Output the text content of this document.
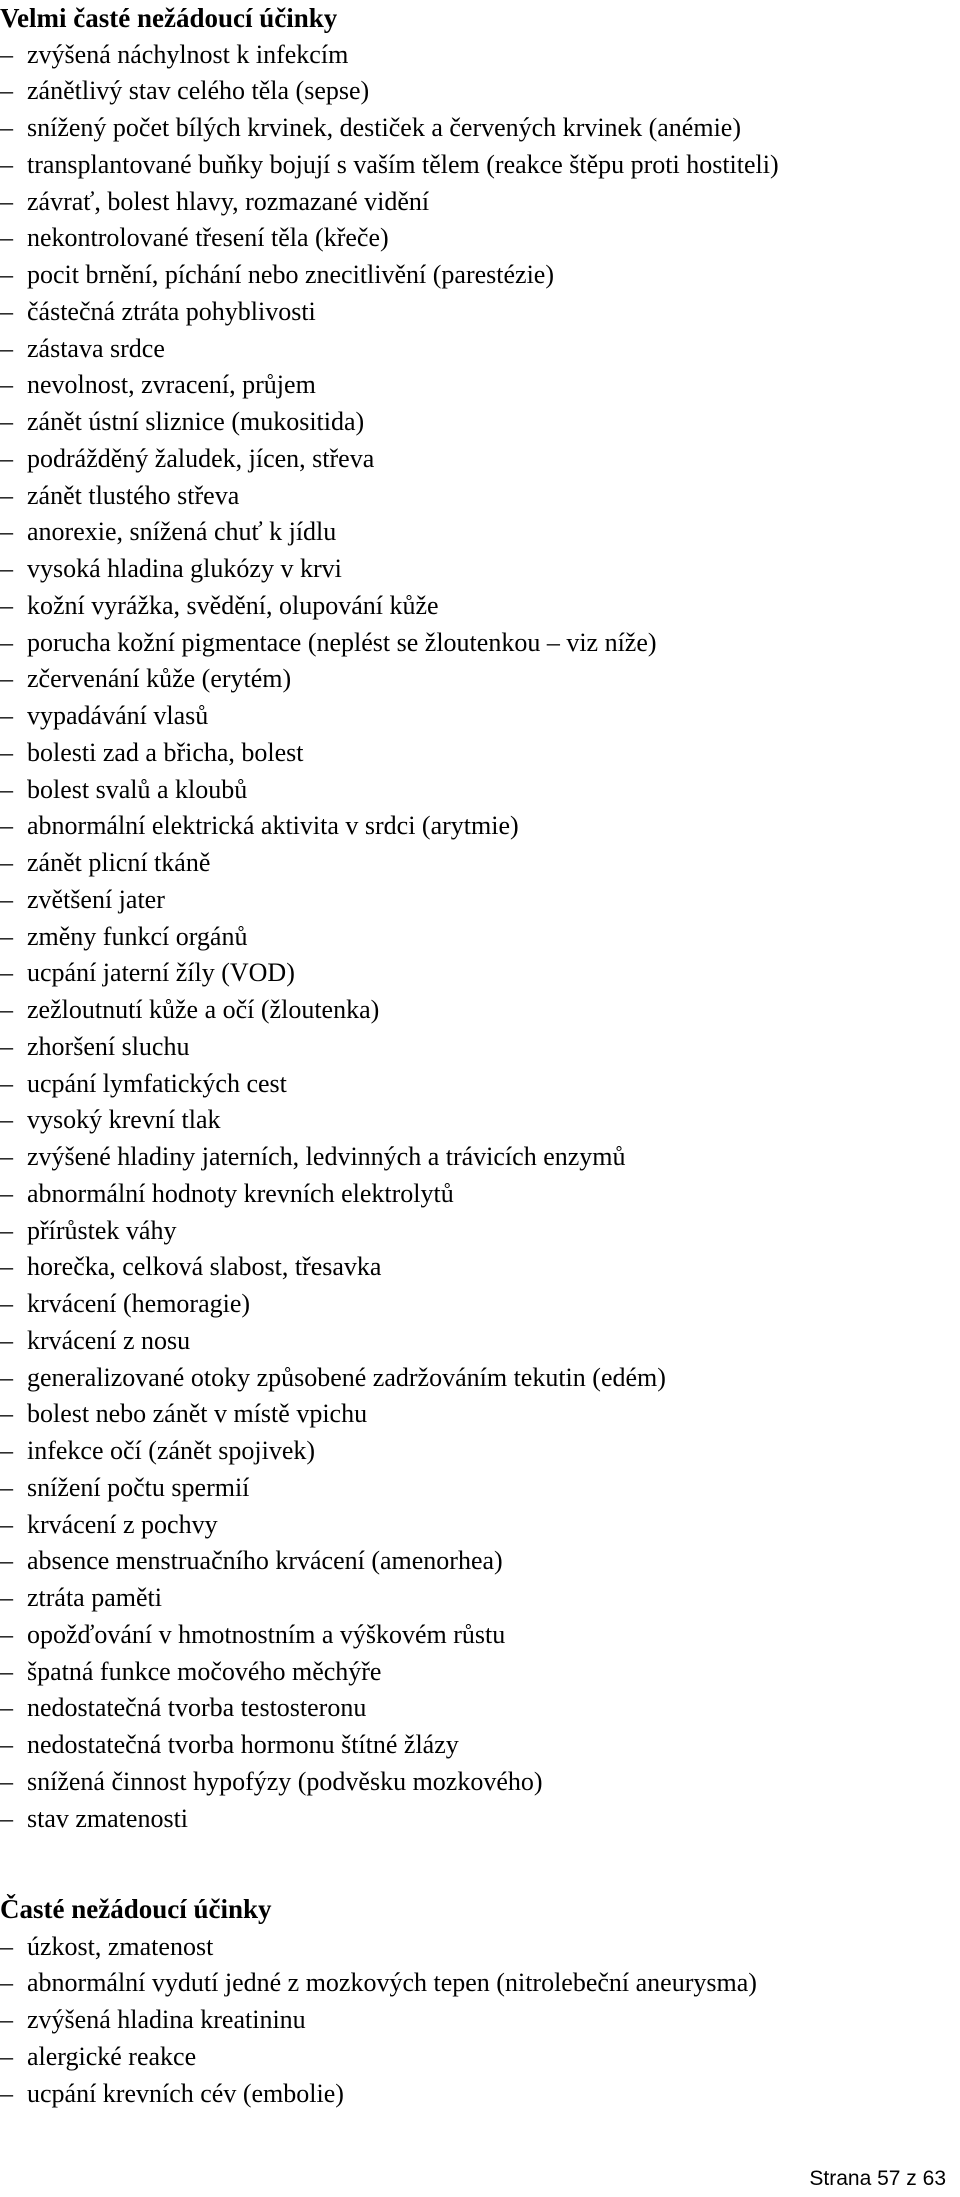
Velmi časté nežádoucí účinky
– zvýšená náchylnost k infekcím
– zánětlivý stav celého těla (sepse)
– snížený počet bílých krvinek, destiček a červených krvinek (anémie)
– transplantované buňky bojují s vaším tělem (reakce štěpu proti hostiteli)
– závrať, bolest hlavy, rozmazané vidění
– nekontrolované třesení těla (křeče)
– pocit brnění, píchání nebo znecitlivění (parestézie)
– částečná ztráta pohyblivosti
– zástava srdce
– nevolnost, zvracení, průjem
– zánět ústní sliznice (mukositida)
– podrážděný žaludek, jícen, střeva
– zánět tlustého střeva
– anorexie, snížená chuť k jídlu
– vysoká hladina glukózy v krvi
– kožní vyrážka, svědění, olupování kůže
– porucha kožní pigmentace (neplést se žloutenkou – viz níže)
– zčervenání kůže (erytém)
– vypadávání vlasů
– bolesti zad a břicha, bolest
– bolest svalů a kloubů
– abnormální elektrická aktivita v srdci (arytmie)
– zánět plicní tkáně
– zvětšení jater
– změny funkcí orgánů
– ucpání jaterní žíly (VOD)
– zežloutnutí kůže a očí (žloutenka)
– zhoršení sluchu
– ucpání lymfatických cest
– vysoký krevní tlak
– zvýšené hladiny jaterních, ledvinných a trávicích enzymů
– abnormální hodnoty krevních elektrolytů
– přírůstek váhy
– horečka, celková slabost, třesavka
– krvácení (hemoragie)
– krvácení z nosu
– generalizované otoky způsobené zadržováním tekutin (edém)
– bolest nebo zánět v místě vpichu
– infekce očí (zánět spojivek)
– snížení počtu spermií
– krvácení z pochvy
– absence menstruačního krvácení (amenorhea)
– ztráta paměti
– opožďování v hmotnostním a výškovém růstu
– špatná funkce močového měchýře
– nedostatečná tvorba testosteronu
– nedostatečná tvorba hormonu štítné žlázy
– snížená činnost hypofýzy (podvěsku mozkového)
– stav zmatenosti
Časté nežádoucí účinky
– úzkost, zmatenost
– abnormální vydutí jedné z mozkových tepen (nitrolebeční aneurysma)
– zvýšená hladina kreatininu
– alergické reakce
– ucpání krevních cév (embolie)
Strana 57 z 63
